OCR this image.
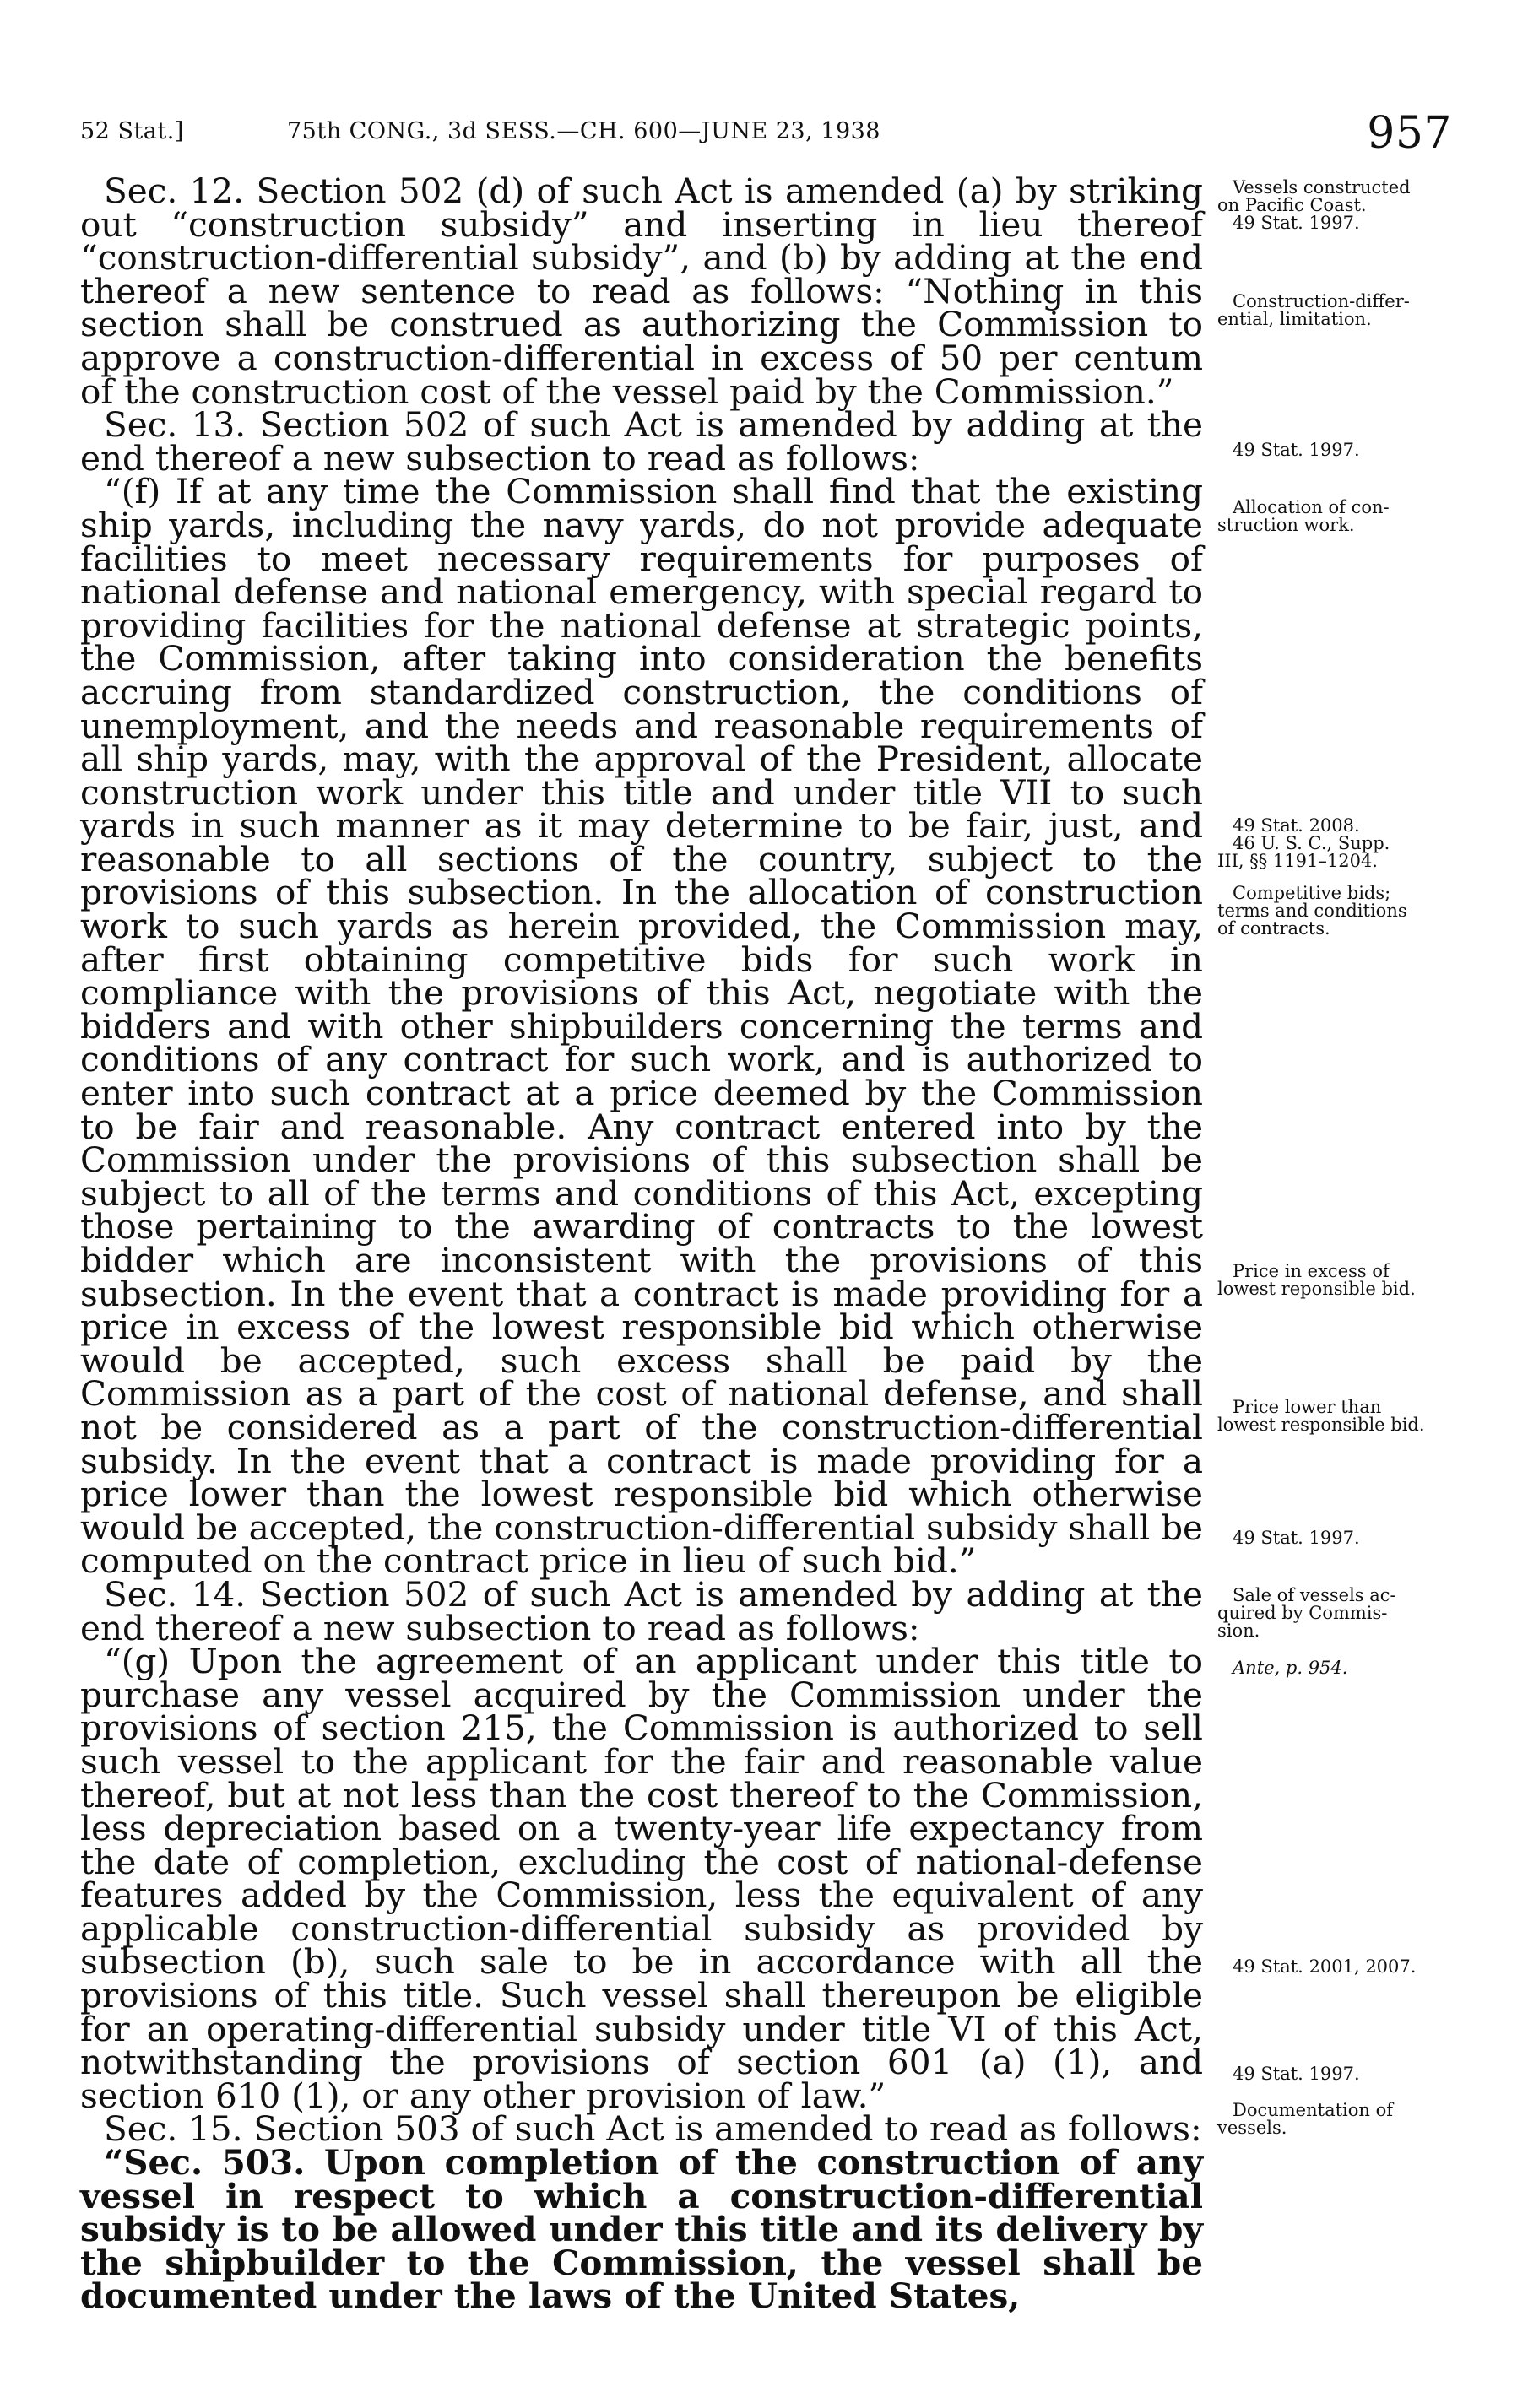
52 Stat.]	75th CONG., 3d SESS.—CH. 600—JUNE 23, 1938	957

Sec. 12. Section 502 (d) of such Act is amended (a) by striking out “construction subsidy” and inserting in lieu thereof “construction-differential subsidy”, and (b) by adding at the end thereof a new sentence to read as follows: “Nothing in this section shall be construed as authorizing the Commission to approve a construction-differential in excess of 50 per centum of the construction cost of the vessel paid by the Commission.”

Sec. 13. Section 502 of such Act is amended by adding at the end thereof a new subsection to read as follows:

“(f) If at any time the Commission shall find that the existing ship yards, including the navy yards, do not provide adequate facilities to meet necessary requirements for purposes of national defense and national emergency, with special regard to providing facilities for the national defense at strategic points, the Commission, after taking into consideration the benefits accruing from standardized construction, the conditions of unemployment, and the needs and reasonable requirements of all ship yards, may, with the approval of the President, allocate construction work under this title and under title VII to such yards in such manner as it may determine to be fair, just, and reasonable to all sections of the country, subject to the provisions of this subsection. In the allocation of construction work to such yards as herein provided, the Commission may, after first obtaining competitive bids for such work in compliance with the provisions of this Act, negotiate with the bidders and with other shipbuilders concerning the terms and conditions of any contract for such work, and is authorized to enter into such contract at a price deemed by the Commission to be fair and reasonable. Any contract entered into by the Commission under the provisions of this subsection shall be subject to all of the terms and conditions of this Act, excepting those pertaining to the awarding of contracts to the lowest bidder which are inconsistent with the provisions of this subsection. In the event that a contract is made providing for a price in excess of the lowest responsible bid which otherwise would be accepted, such excess shall be paid by the Commission as a part of the cost of national defense, and shall not be considered as a part of the construction-differential subsidy. In the event that a contract is made providing for a price lower than the lowest responsible bid which otherwise would be accepted, the construction-differential subsidy shall be computed on the contract price in lieu of such bid.”

Sec. 14. Section 502 of such Act is amended by adding at the end thereof a new subsection to read as follows:

“(g) Upon the agreement of an applicant under this title to purchase any vessel acquired by the Commission under the provisions of section 215, the Commission is authorized to sell such vessel to the applicant for the fair and reasonable value thereof, but at not less than the cost thereof to the Commission, less depreciation based on a twenty-year life expectancy from the date of completion, excluding the cost of national-defense features added by the Commission, less the equivalent of any applicable construction-differential subsidy as provided by subsection (b), such sale to be in accordance with all the provisions of this title. Such vessel shall thereupon be eligible for an operating-differential subsidy under title VI of this Act, notwithstanding the provisions of section 601 (a) (1), and section 610 (1), or any other provision of law.”

Sec. 15. Section 503 of such Act is amended to read as follows:

“Sec. 503. Upon completion of the construction of any vessel in respect to which a construction-differential subsidy is to be allowed under this title and its delivery by the shipbuilder to the Commission, the vessel shall be documented under the laws of the United States,

Vessels constructed
on Pacific Coast.

49 Stat. 1997.
Construction-differ-
ential, limitation.
49 Stat. 1997.
Allocation of con-
struction work.
49 Stat. 2008.
46 U. S. C., Supp.
III, §§ 1191–1204.
Competitive bids;
terms and conditions
of contracts.
Price in excess of
lowest reponsible bid.
Price lower than
lowest responsible bid.
49 Stat. 1997.
Sale of vessels ac-
quired by Commis-
sion.
Ante, p. 954.
49 Stat. 2001, 2007.
49 Stat. 1997.
Documentation of
vessels.
